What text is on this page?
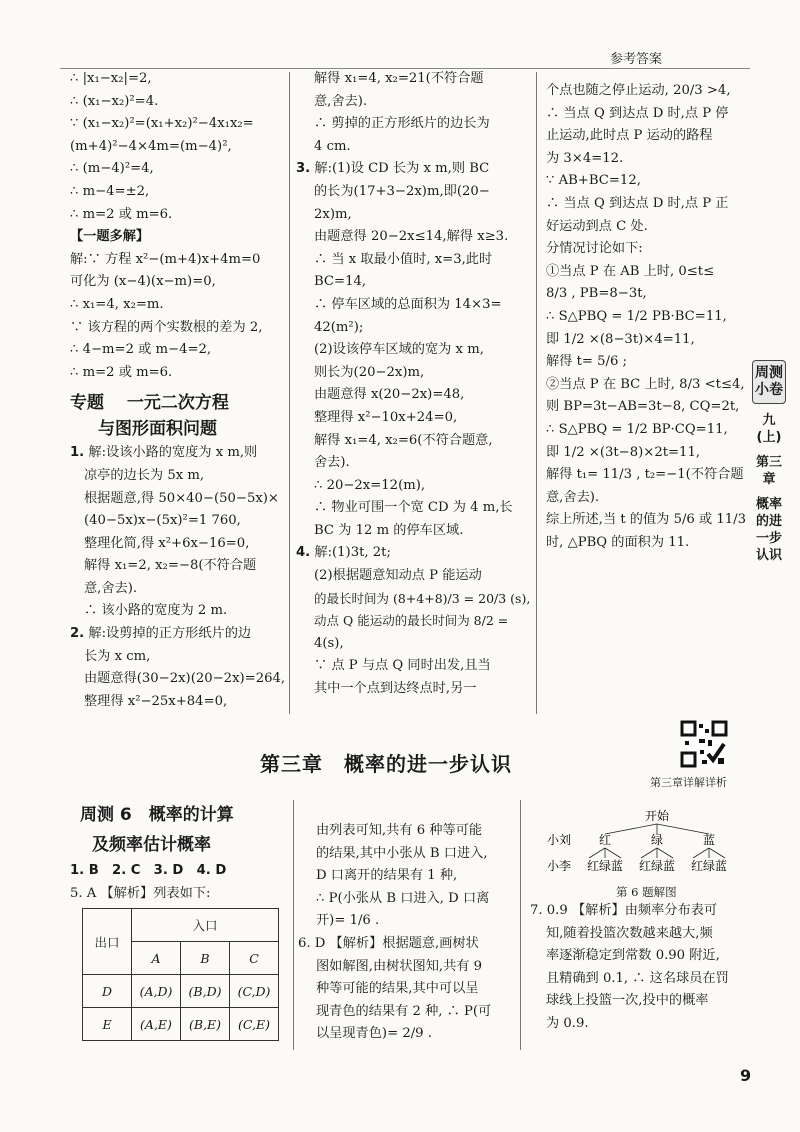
参考答案
∴ |x₁−x₂|=2,
∴ (x₁−x₂)²=4.
∵ (x₁−x₂)²=(x₁+x₂)²−4x₁x₂=
(m+4)²−4×4m=(m−4)²,
∴ (m−4)²=4,
∴ m−4=±2,
∴ m=2 或 m=6.
【一题多解】
解:∵ 方程 x²−(m+4)x+4m=0
可化为 (x−4)(x−m)=0,
∴ x₁=4, x₂=m.
∵ 该方程的两个实数根的差为 2,
∴ 4−m=2 或 m−4=2,
∴ m=2 或 m=6.
专题　 一元二次方程
与图形面积问题
1. 解:设该小路的宽度为 x m,则
凉亭的边长为 5x m,
根据题意,得 50×40−(50−5x)×
(40−5x)x−(5x)²=1 760,
整理化简,得 x²+6x−16=0,
解得 x₁=2, x₂=−8(不符合题
意,舍去).
∴ 该小路的宽度为 2 m.
2. 解:设剪掉的正方形纸片的边
长为 x cm,
由题意得(30−2x)(20−2x)=264,
整理得 x²−25x+84=0,
解得 x₁=4, x₂=21(不符合题
意,舍去).
∴ 剪掉的正方形纸片的边长为
4 cm.
3. 解:(1)设 CD 长为 x m,则 BC
的长为(17+3−2x)m,即(20−
2x)m,
由题意得 20−2x≤14,解得 x≥3.
∴ 当 x 取最小值时, x=3,此时
BC=14,
∴ 停车区域的总面积为 14×3=
42(m²);
(2)设该停车区域的宽为 x m,
则长为(20−2x)m,
由题意得 x(20−2x)=48,
整理得 x²−10x+24=0,
解得 x₁=4, x₂=6(不符合题意,
舍去).
∴ 20−2x=12(m),
∴ 物业可围一个宽 CD 为 4 m,长
BC 为 12 m 的停车区域.
4. 解:(1)3t, 2t;
(2)根据题意知动点 P 能运动
的最长时间为 (8+4+8)/3 = 20/3 (s),
动点 Q 能运动的最长时间为 8/2 =
4(s),
∵ 点 P 与点 Q 同时出发,且当
其中一个点到达终点时,另一
个点也随之停止运动, 20/3 >4,
∴ 当点 Q 到达点 D 时,点 P 停
止运动,此时点 P 运动的路程
为 3×4=12.
∵ AB+BC=12,
∴ 当点 Q 到达点 D 时,点 P 正
好运动到点 C 处.
分情况讨论如下:
①当点 P 在 AB 上时, 0≤t≤
8/3 , PB=8−3t,
∴ S△PBQ = 1/2 PB·BC=11,
即 1/2 ×(8−3t)×4=11,
解得 t= 5/6 ;
②当点 P 在 BC 上时, 8/3 <t≤4,
则 BP=3t−AB=3t−8, CQ=2t,
∴ S△PBQ = 1/2 BP·CQ=11,
即 1/2 ×(3t−8)×2t=11,
解得 t₁= 11/3 , t₂=−1(不符合题
意,舍去).
综上所述,当 t 的值为 5/6 或 11/3
时, △PBQ 的面积为 11.
周测小卷
九(上)
第三章
概率的进一步认识
第三章　概率的进一步认识
第三章详解详析
周测 6　概率的计算
及频率估计概率
1. B　2. C　3. D　4. D
5. A 【解析】列表如下:
出口	入口		
	A	B	C
D	(A,D)	(B,D)	(C,D)
E	(A,E)	(B,E)	(C,E)
由列表可知,共有 6 种等可能
的结果,其中小张从 B 口进入,
D 口离开的结果有 1 种,
∴ P(小张从 B 口进入, D 口离
开)= 1/6 .
6. D 【解析】根据题意,画树状
图如解图,由树状图知,共有 9
种等可能的结果,其中可以呈
现青色的结果有 2 种, ∴ P(可
以呈现青色)= 2/9 .
开始
小刘 红	绿	蓝
小李 红绿蓝 红绿蓝 红绿蓝
第 6 题解图
7. 0.9 【解析】由频率分布表可
知,随着投篮次数越来越大,频
率逐渐稳定到常数 0.90 附近,
且精确到 0.1, ∴ 这名球员在罚
球线上投篮一次,投中的概率
为 0.9.
9
